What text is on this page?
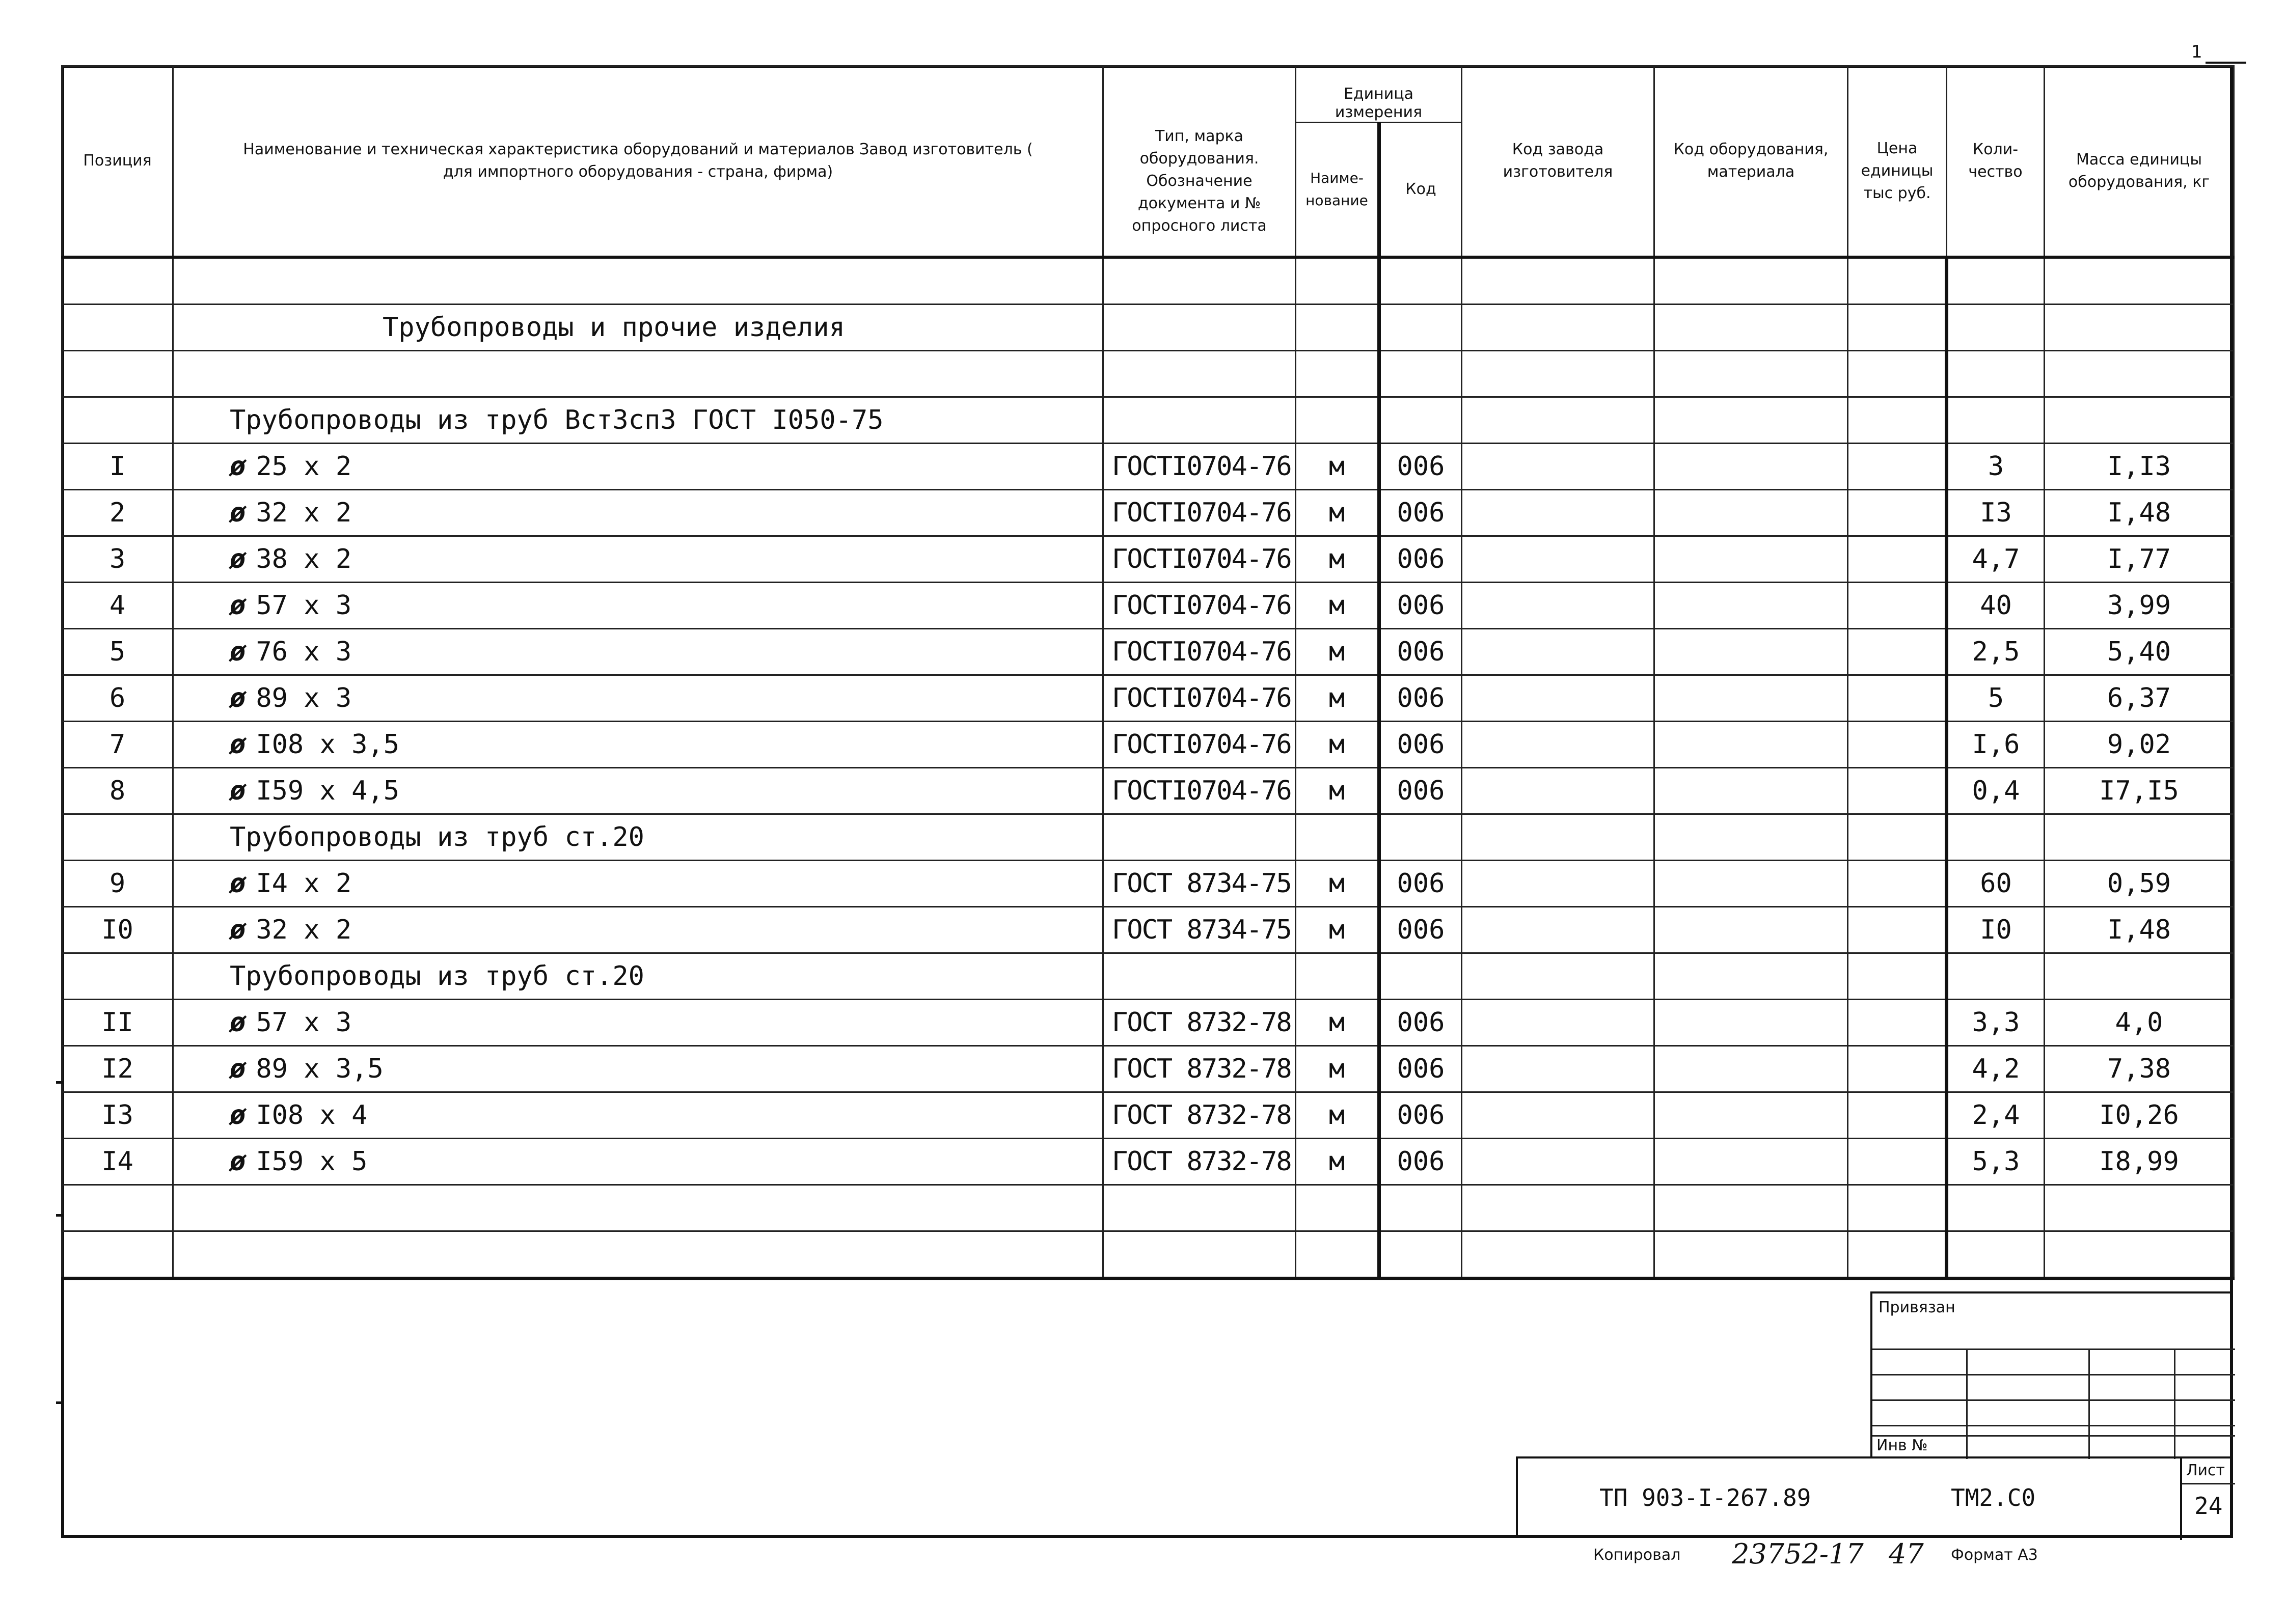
1
Позиция	Наименование и техническая характеристика оборудований и материалов Завод изготовитель ( для импортного оборудования - страна, фирма)	Тип, марка оборудования. Обозначение документа и № опросного листа	Единица измерения		Код завода изготовителя	Код оборудования, материала	Цена единицы тыс руб.	Коли-чество	Масса единицы оборудования, кг
			Наиме-нование	Код					

	Трубопроводы и прочие изделия								

	Трубопроводы из труб ВстЗсп3 ГОСТ I050-75								
I	ø 25 х 2	ГОСТI0704-76	м	006				3	I,I3
2	ø 32 х 2	ГОСТI0704-76	м	006				I3	I,48
3	ø 38 х 2	ГОСТI0704-76	м	006				4,7	I,77
4	ø 57 х 3	ГОСТI0704-76	м	006				40	3,99
5	ø 76 х 3	ГОСТI0704-76	м	006				2,5	5,40
6	ø 89 х 3	ГОСТI0704-76	м	006				5	6,37
7	ø I08 х 3,5	ГОСТI0704-76	м	006				I,6	9,02
8	ø I59 х 4,5	ГОСТI0704-76	м	006				0,4	I7,I5
	Трубопроводы из труб ст.20								
9	ø I4 х 2	ГОСТ 8734-75	м	006				60	0,59
I0	ø 32 х 2	ГОСТ 8734-75	м	006				I0	I,48
	Трубопроводы из труб ст.20								
II	ø 57 х 3	ГОСТ 8732-78	м	006				3,3	4,0
I2	ø 89 х 3,5	ГОСТ 8732-78	м	006				4,2	7,38
I3	ø I08 х 4	ГОСТ 8732-78	м	006				2,4	I0,26
I4	ø I59 х 5	ГОСТ 8732-78	м	006				5,3	I8,99

Привязан
Инв №
ТП 903-I-267.89	ТМ2.С0
Лист
24
Копировал 23752-17 47 Формат А3
